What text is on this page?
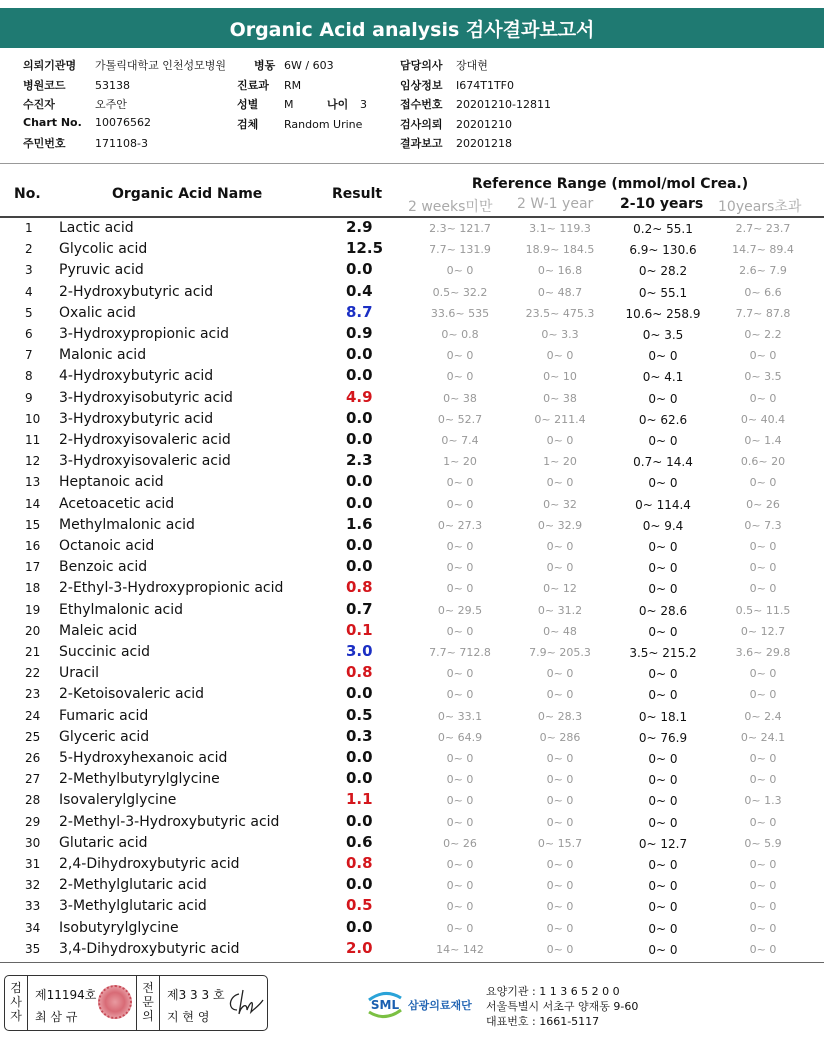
Organic Acid analysis 검사결과보고서
의뢰기관명 가톨릭대학교 인천성모병원	병동 6W / 603	담당의사 장대현
병원코드	53138	진료과 RM	임상정보 I674T1TF0
수진자	오주안	성별 M	나이 3	접수번호 20201210-12811
Chart No. 10076562	검체 Random Urine	검사의뢰 20201210
주민번호	171108-3	결과보고 20201218
No.	Organic Acid Name	Result
Reference Range (mmol/mol Crea.)
2 weeks미만 2 W-1 year 2-10 years 10years초과
1 Lactic acid	2.9	2.3~ 121.7	3.1~ 119.3	0.2~ 55.1	2.7~ 23.7
2 Glycolic acid	12.5	7.7~ 131.9	18.9~ 184.5	6.9~ 130.6	14.7~ 89.4
3 Pyruvic acid	0.0	0~ 0	0~ 16.8	0~ 28.2	2.6~ 7.9
4 2-Hydroxybutyric acid	0.4	0.5~ 32.2	0~ 48.7	0~ 55.1	0~ 6.6
5 Oxalic acid	8.7	33.6~ 535	23.5~ 475.3	10.6~ 258.9	7.7~ 87.8
6 3-Hydroxypropionic acid	0.9	0~ 0.8	0~ 3.3	0~ 3.5	0~ 2.2
7 Malonic acid	0.0	0~ 0	0~ 0	0~ 0	0~ 0
8 4-Hydroxybutyric acid	0.0	0~ 0	0~ 10	0~ 4.1	0~ 3.5
9 3-Hydroxyisobutyric acid	4.9	0~ 38	0~ 38	0~ 0	0~ 0
10 3-Hydroxybutyric acid	0.0	0~ 52.7	0~ 211.4	0~ 62.6	0~ 40.4
11 2-Hydroxyisovaleric acid	0.0	0~ 7.4	0~ 0	0~ 0	0~ 1.4
12 3-Hydroxyisovaleric acid	2.3	1~ 20	1~ 20	0.7~ 14.4	0.6~ 20
13 Heptanoic acid	0.0	0~ 0	0~ 0	0~ 0	0~ 0
14 Acetoacetic acid	0.0	0~ 0	0~ 32	0~ 114.4	0~ 26
15 Methylmalonic acid	1.6	0~ 27.3	0~ 32.9	0~ 9.4	0~ 7.3
16 Octanoic acid	0.0	0~ 0	0~ 0	0~ 0	0~ 0
17 Benzoic acid	0.0	0~ 0	0~ 0	0~ 0	0~ 0
18 2-Ethyl-3-Hydroxypropionic acid	0.8	0~ 0	0~ 12	0~ 0	0~ 0
19 Ethylmalonic acid	0.7	0~ 29.5	0~ 31.2	0~ 28.6	0.5~ 11.5
20 Maleic acid	0.1	0~ 0	0~ 48	0~ 0	0~ 12.7
21 Succinic acid	3.0	7.7~ 712.8	7.9~ 205.3	3.5~ 215.2	3.6~ 29.8
22 Uracil	0.8	0~ 0	0~ 0	0~ 0	0~ 0
23 2-Ketoisovaleric acid	0.0	0~ 0	0~ 0	0~ 0	0~ 0
24 Fumaric acid	0.5	0~ 33.1	0~ 28.3	0~ 18.1	0~ 2.4
25 Glyceric acid	0.3	0~ 64.9	0~ 286	0~ 76.9	0~ 24.1
26 5-Hydroxyhexanoic acid	0.0	0~ 0	0~ 0	0~ 0	0~ 0
27 2-Methylbutyrylglycine	0.0	0~ 0	0~ 0	0~ 0	0~ 0
28 Isovalerylglycine	1.1	0~ 0	0~ 0	0~ 0	0~ 1.3
29 2-Methyl-3-Hydroxybutyric acid	0.0	0~ 0	0~ 0	0~ 0	0~ 0
30 Glutaric acid	0.6	0~ 26	0~ 15.7	0~ 12.7	0~ 5.9
31 2,4-Dihydroxybutyric acid	0.8	0~ 0	0~ 0	0~ 0	0~ 0
32 2-Methylglutaric acid	0.0	0~ 0	0~ 0	0~ 0	0~ 0
33 3-Methylglutaric acid	0.5	0~ 0	0~ 0	0~ 0	0~ 0
34 Isobutyrylglycine	0.0	0~ 0	0~ 0	0~ 0	0~ 0
35 3,4-Dihydroxybutyric acid	2.0	14~ 142	0~ 0	0~ 0	0~ 0
검
사
자
제11194호
최 삼 규
전
문
의
제3 3 3 호
지 현 영
SML 삼광의료재단
요양기관 : 1 1 3 6 5 2 0 0
서울특별시 서초구 양재동 9-60
대표번호 : 1661-5117
